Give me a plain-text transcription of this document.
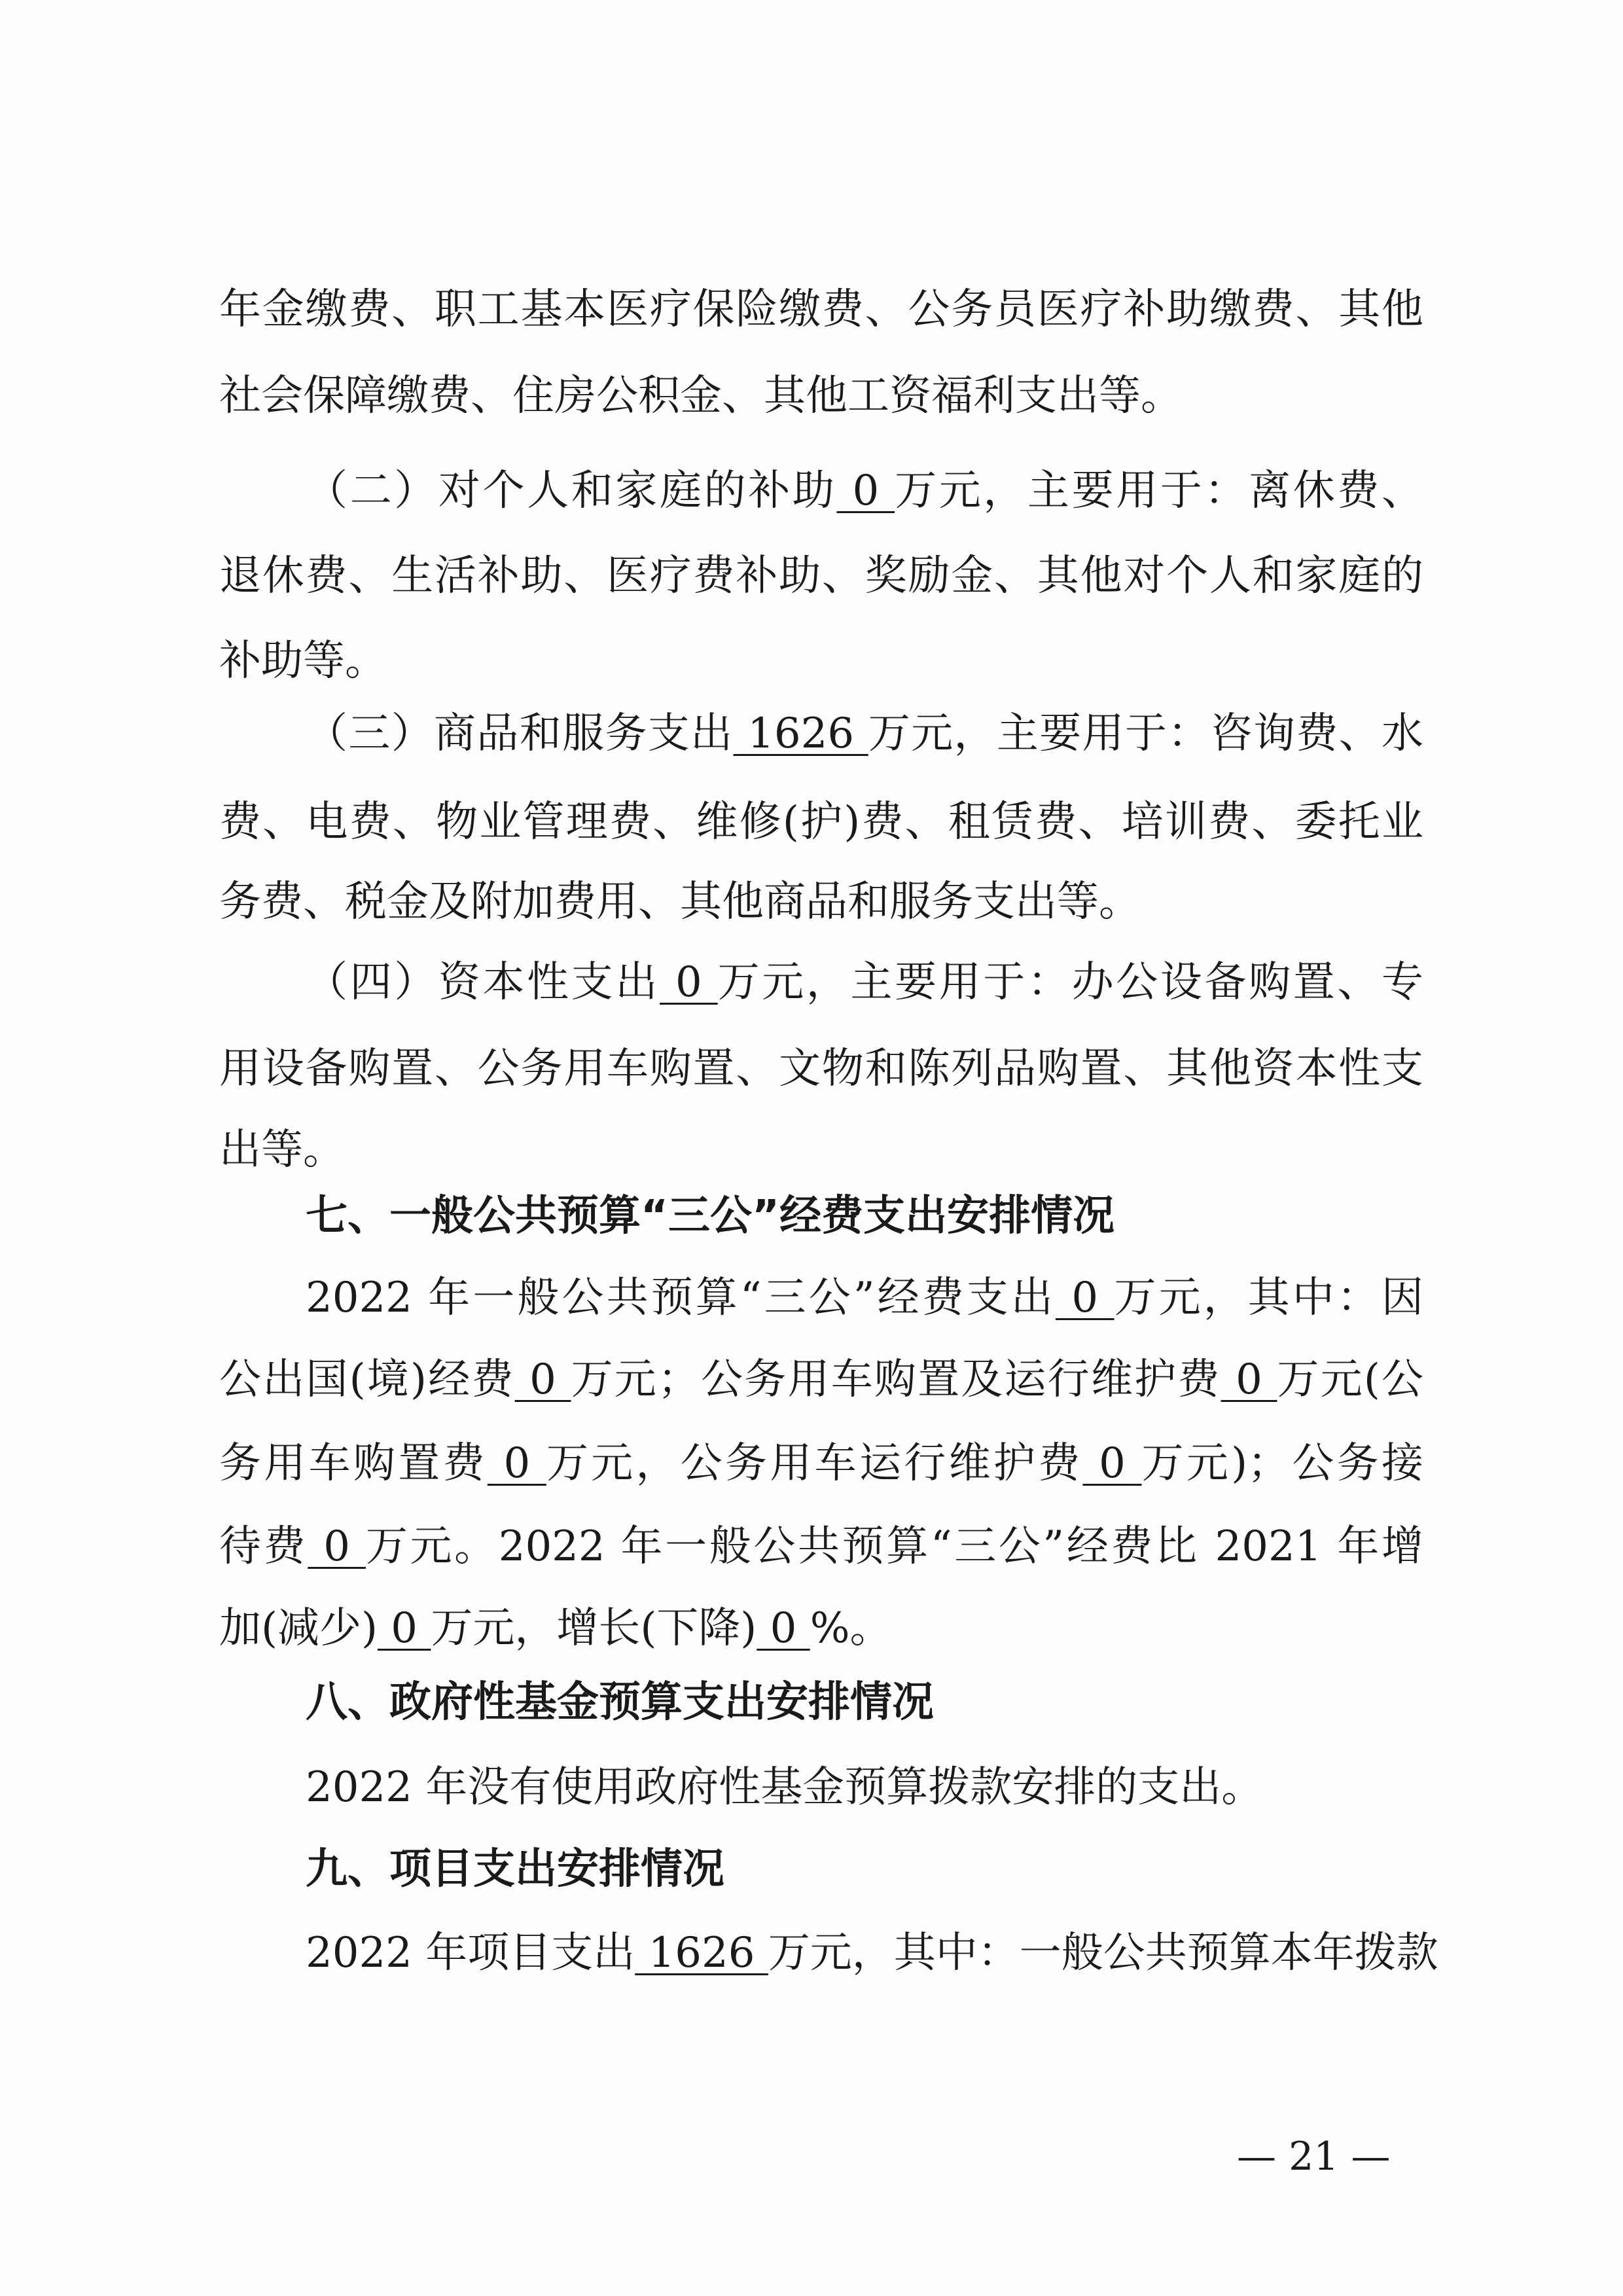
年金缴费、职工基本医疗保险缴费、公务员医疗补助缴费、其他
社会保障缴费、住房公积金、其他工资福利支出等。
（二）对个人和家庭的补助 0 万元，主要用于：离休费、
退休费、生活补助、医疗费补助、奖励金、其他对个人和家庭的
补助等。
（三）商品和服务支出 1626 万元，主要用于：咨询费、水
费、电费、物业管理费、维修(护)费、租赁费、培训费、委托业
务费、税金及附加费用、其他商品和服务支出等。
（四）资本性支出 0 万元，主要用于：办公设备购置、专
用设备购置、公务用车购置、文物和陈列品购置、其他资本性支
出等。
七、一般公共预算“三公”经费支出安排情况
2022 年一般公共预算“三公”经费支出 0 万元，其中：因
公出国(境)经费 0 万元；公务用车购置及运行维护费 0 万元(公
务用车购置费 0 万元，公务用车运行维护费 0 万元)；公务接
待费 0 万元。2022 年一般公共预算“三公”经费比 2021 年增
加(减少) 0 万元，增长(下降) 0 %。
八、政府性基金预算支出安排情况
2022 年没有使用政府性基金预算拨款安排的支出。
九、项目支出安排情况
2022 年项目支出 1626 万元，其中：一般公共预算本年拨款
— 21 —
